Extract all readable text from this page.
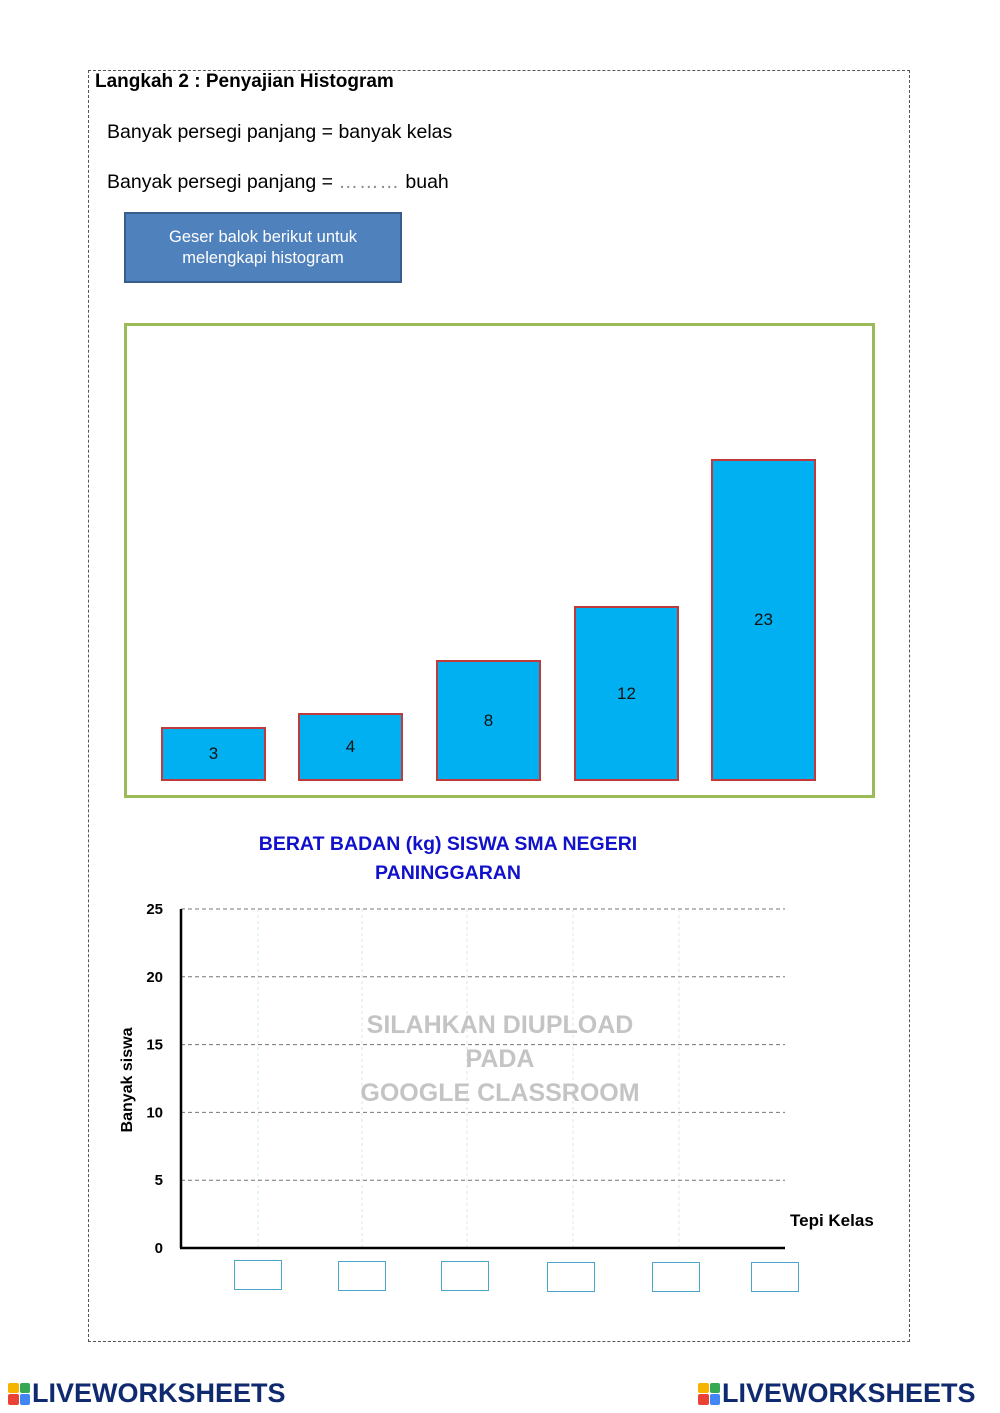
Langkah 2 : Penyajian Histogram
Banyak persegi panjang = banyak kelas
Banyak persegi panjang = ……… buah
Geser balok berikut untuk melengkapi histogram
3	4
8
12
23
BERAT BADAN (kg) SISWA SMA NEGERI
PANINGGARAN
0
5
10
15
20
25
Banyak siswa
Tepi Kelas
SILAHKAN DIUPLOAD
PADA
GOOGLE CLASSROOM
LIVEWORKSHEETS	LIVEWORKSHEETS
